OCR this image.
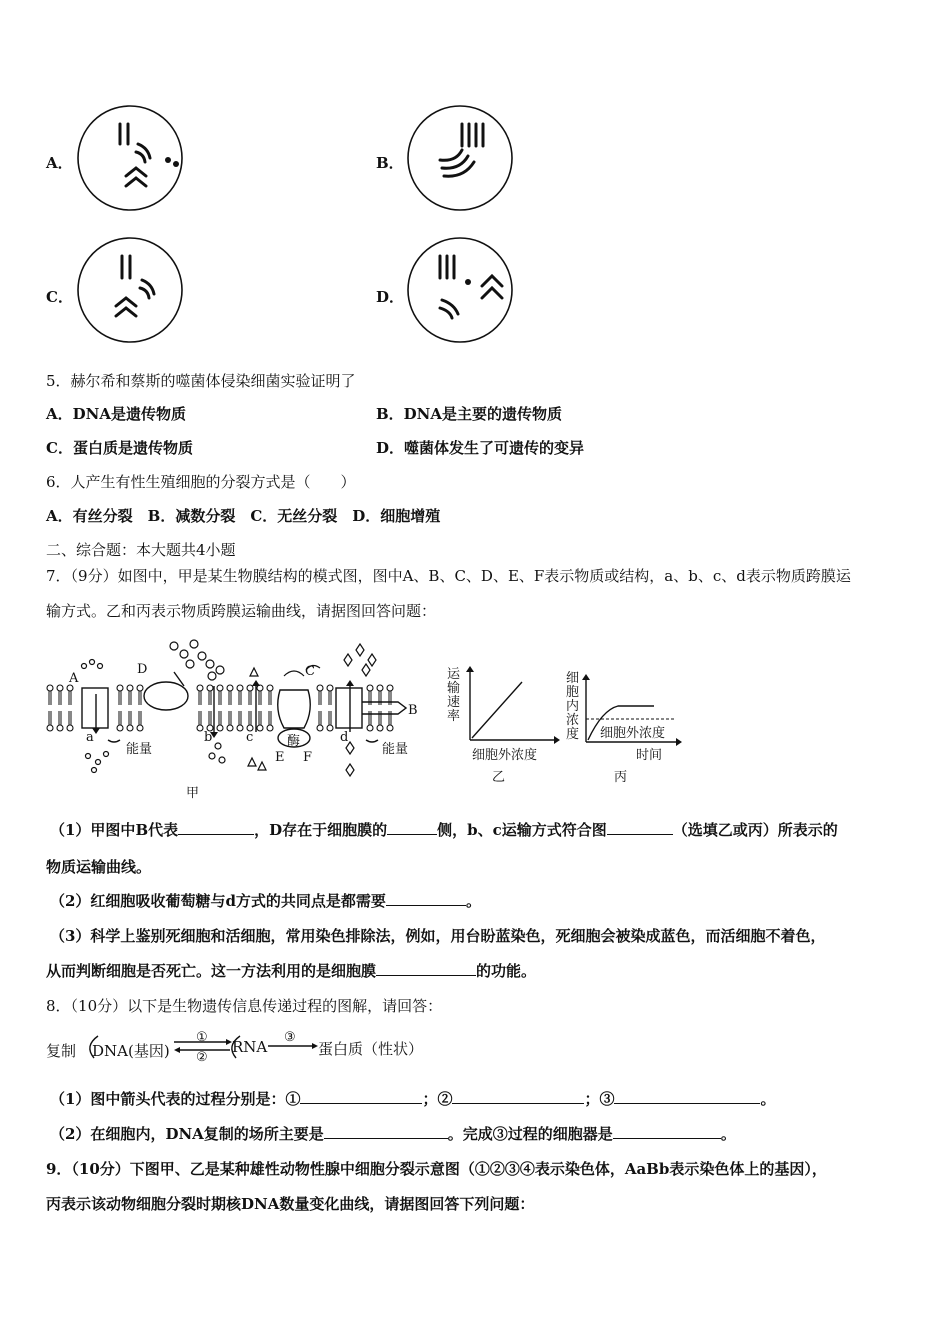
A．	B．
C．	D．
5．赫尔希和蔡斯的噬菌体侵染细菌实验证明了
A．DNA是遗传物质	B．DNA是主要的遗传物质
C．蛋白质是遗传物质	D．噬菌体发生了可遗传的变异
6．人产生有性生殖细胞的分裂方式是（　　）
A．有丝分裂　B．减数分裂　C．无丝分裂　D．细胞增殖
二、综合题：本大题共4小题
7．（9分）如图中，甲是某生物膜结构的模式图，图中A、B、C、D、E、F表示物质或结构，a、b、c、d表示物质跨膜运
输方式。乙和丙表示物质跨膜运输曲线，请据图回答问题：
A
B
C
D
E F
a	b	c	d
能量	能量
酶
甲
运输速率
细胞外浓度
乙
细胞内浓度 细胞外浓度
时间
丙
（1）甲图中B代表	，D存在于细胞膜的	侧，b、c运输方式符合图	（选填乙或丙）所表示的
物质运输曲线。
（2）红细胞吸收葡萄糖与d方式的共同点是都需要	。
（3）科学上鉴别死细胞和活细胞，常用染色排除法，例如，用台盼蓝染色，死细胞会被染成蓝色，而活细胞不着色，
从而判断细胞是否死亡。这一方法利用的是细胞膜	的功能。
8．（10分）以下是生物遗传信息传递过程的图解，请回答：
复制 DNA(基因)
①
②
RNA
③
蛋白质（性状）
（1）图中箭头代表的过程分别是：①	；②	；③	。
（2）在细胞内，DNA复制的场所主要是	。完成③过程的细胞器是	。
9．（10分）下图甲、乙是某种雄性动物性腺中细胞分裂示意图（①②③④表示染色体，AaBb表示染色体上的基因），
丙表示该动物细胞分裂时期核DNA数量变化曲线，请据图回答下列问题：
